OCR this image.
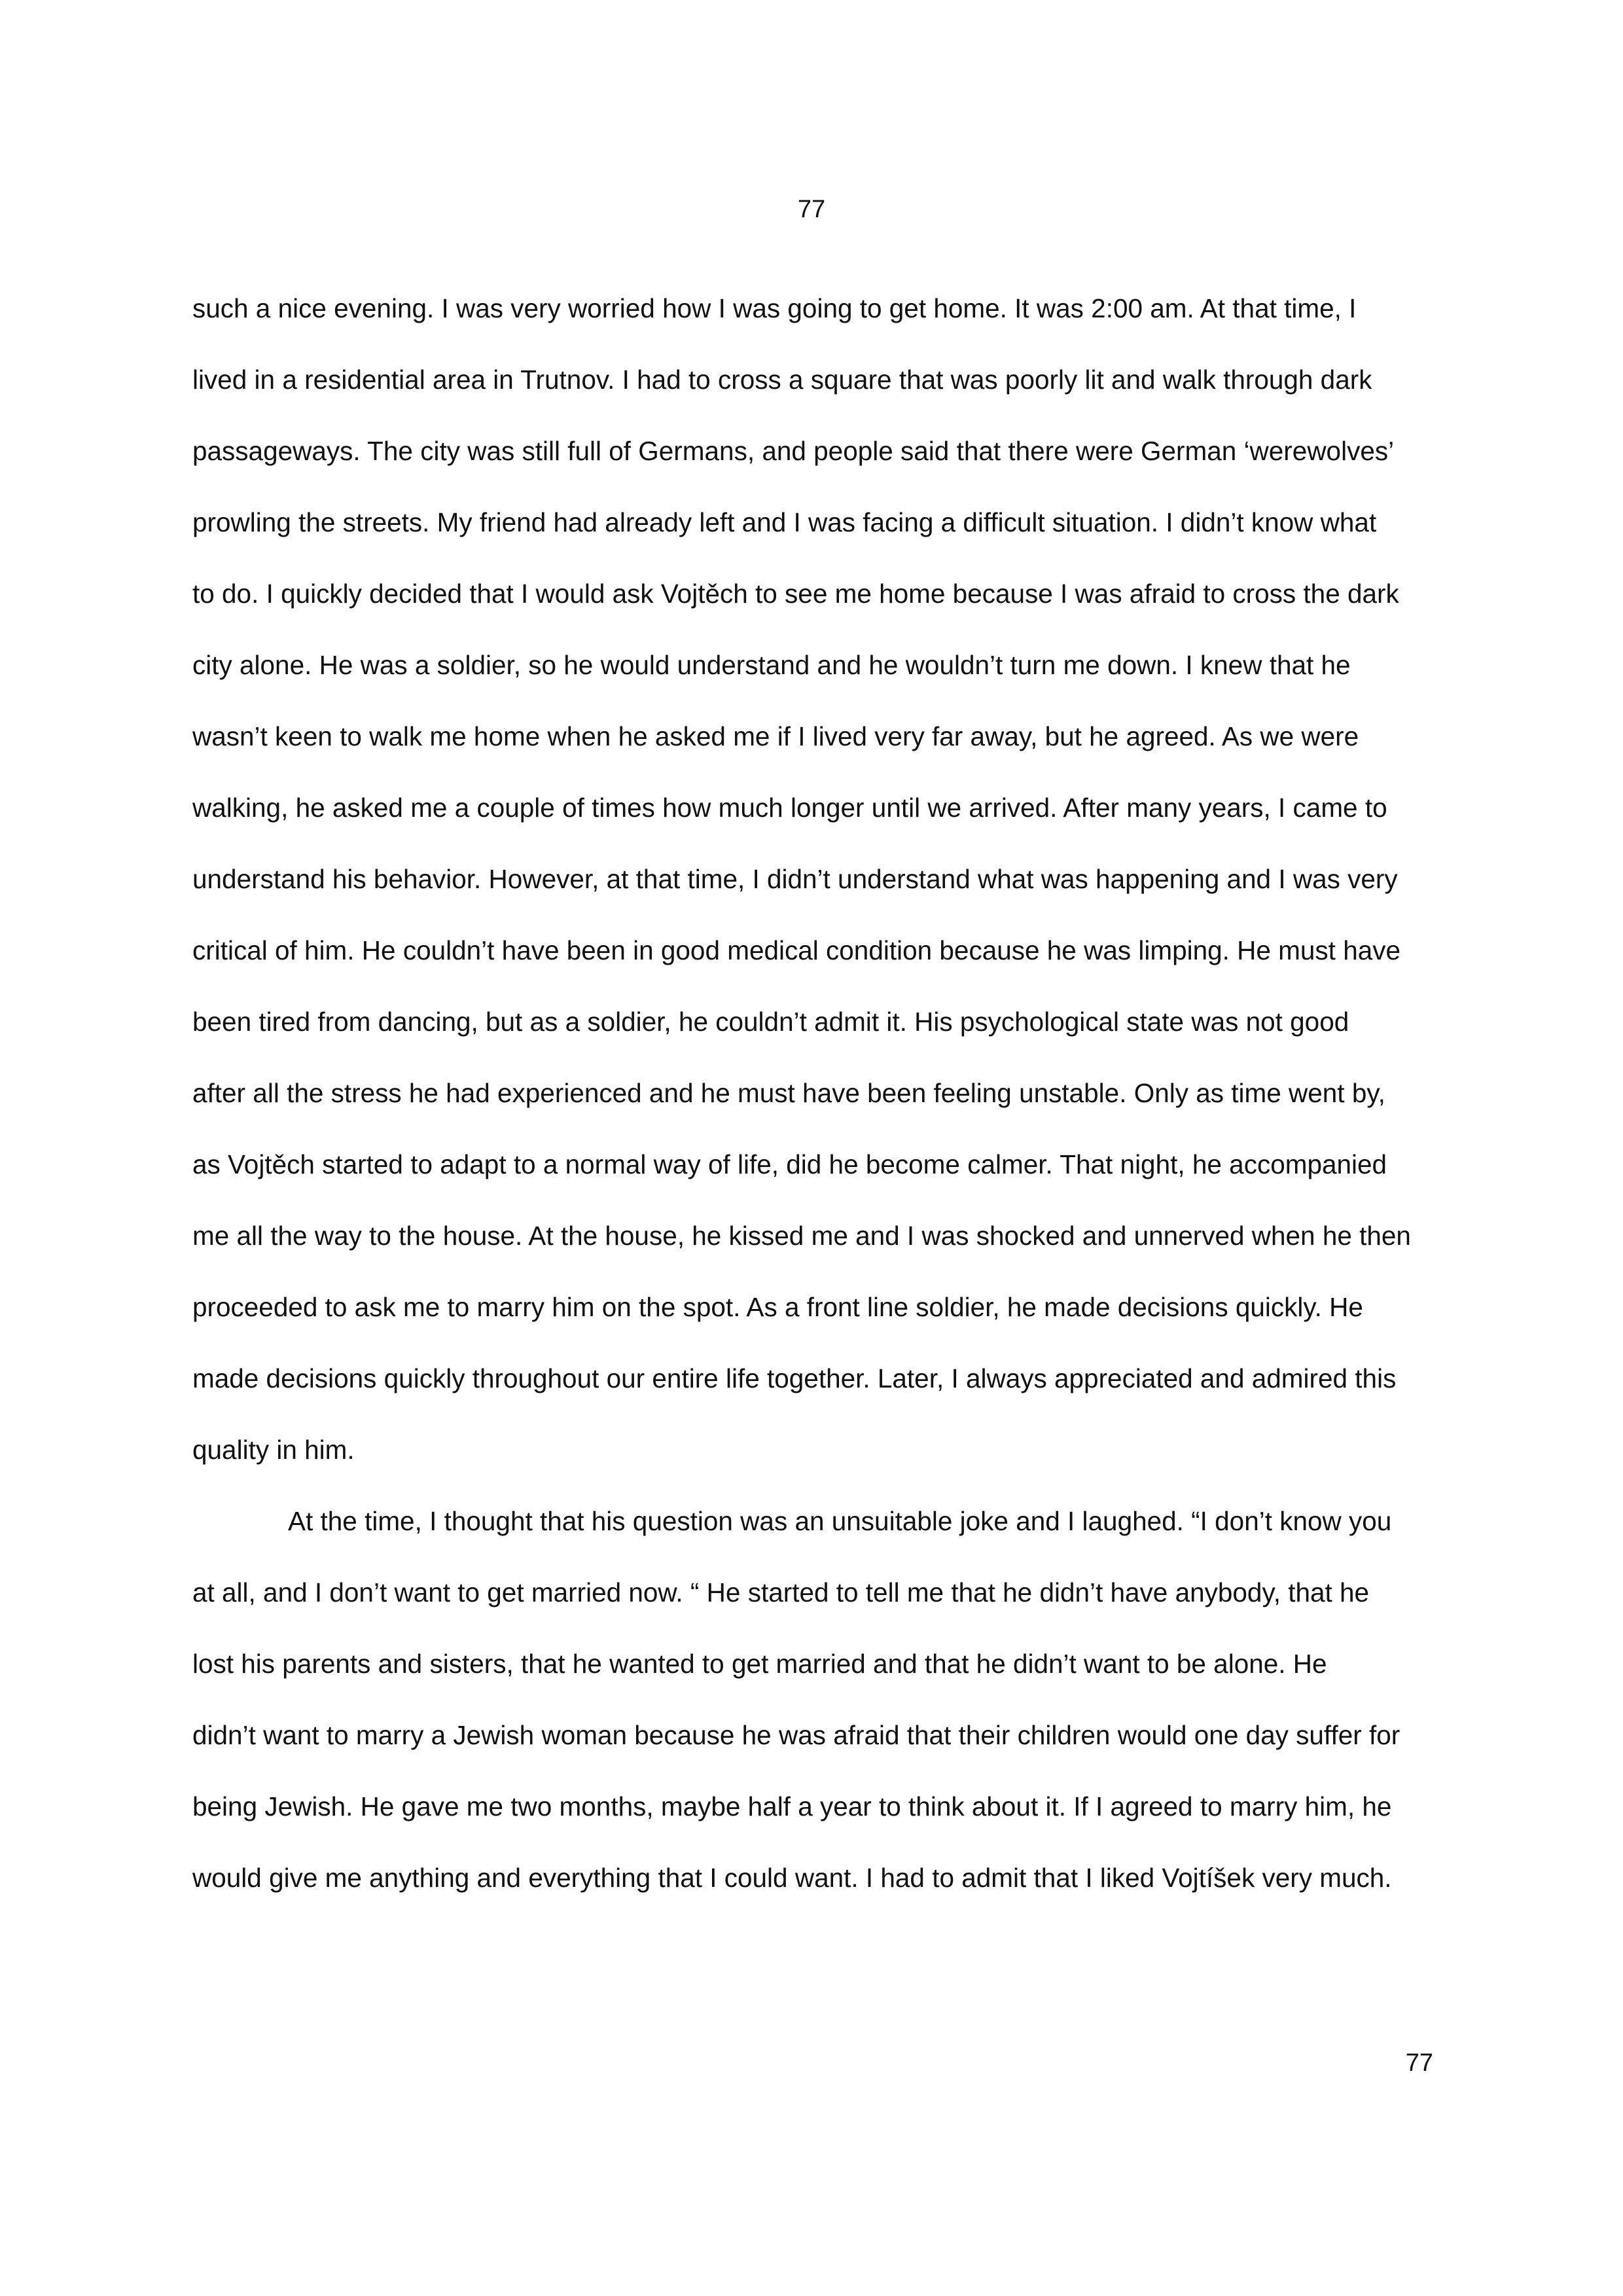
77
such a nice evening. I was very worried how I was going to get home. It was 2:00 am. At that time, I
lived in a residential area in Trutnov. I had to cross a square that was poorly lit and walk through dark
passageways. The city was still full of Germans, and people said that there were German ‘werewolves’
prowling the streets. My friend had already left and I was facing a difficult situation. I didn’t know what
to do. I quickly decided that I would ask Vojtěch to see me home because I was afraid to cross the dark
city alone. He was a soldier, so he would understand and he wouldn’t turn me down. I knew that he
wasn’t keen to walk me home when he asked me if I lived very far away, but he agreed. As we were
walking, he asked me a couple of times how much longer until we arrived. After many years, I came to
understand his behavior. However, at that time, I didn’t understand what was happening and I was very
critical of him. He couldn’t have been in good medical condition because he was limping. He must have
been tired from dancing, but as a soldier, he couldn’t admit it. His psychological state was not good
after all the stress he had experienced and he must have been feeling unstable. Only as time went by,
as Vojtěch started to adapt to a normal way of life, did he become calmer. That night, he accompanied
me all the way to the house. At the house, he kissed me and I was shocked and unnerved when he then
proceeded to ask me to marry him on the spot. As a front line soldier, he made decisions quickly. He
made decisions quickly throughout our entire life together. Later, I always appreciated and admired this
quality in him.
At the time, I thought that his question was an unsuitable joke and I laughed. “I don’t know you
at all, and I don’t want to get married now. “ He started to tell me that he didn’t have anybody, that he
lost his parents and sisters, that he wanted to get married and that he didn’t want to be alone. He
didn’t want to marry a Jewish woman because he was afraid that their children would one day suffer for
being Jewish. He gave me two months, maybe half a year to think about it. If I agreed to marry him, he
would give me anything and everything that I could want. I had to admit that I liked Vojtíšek very much.
77
